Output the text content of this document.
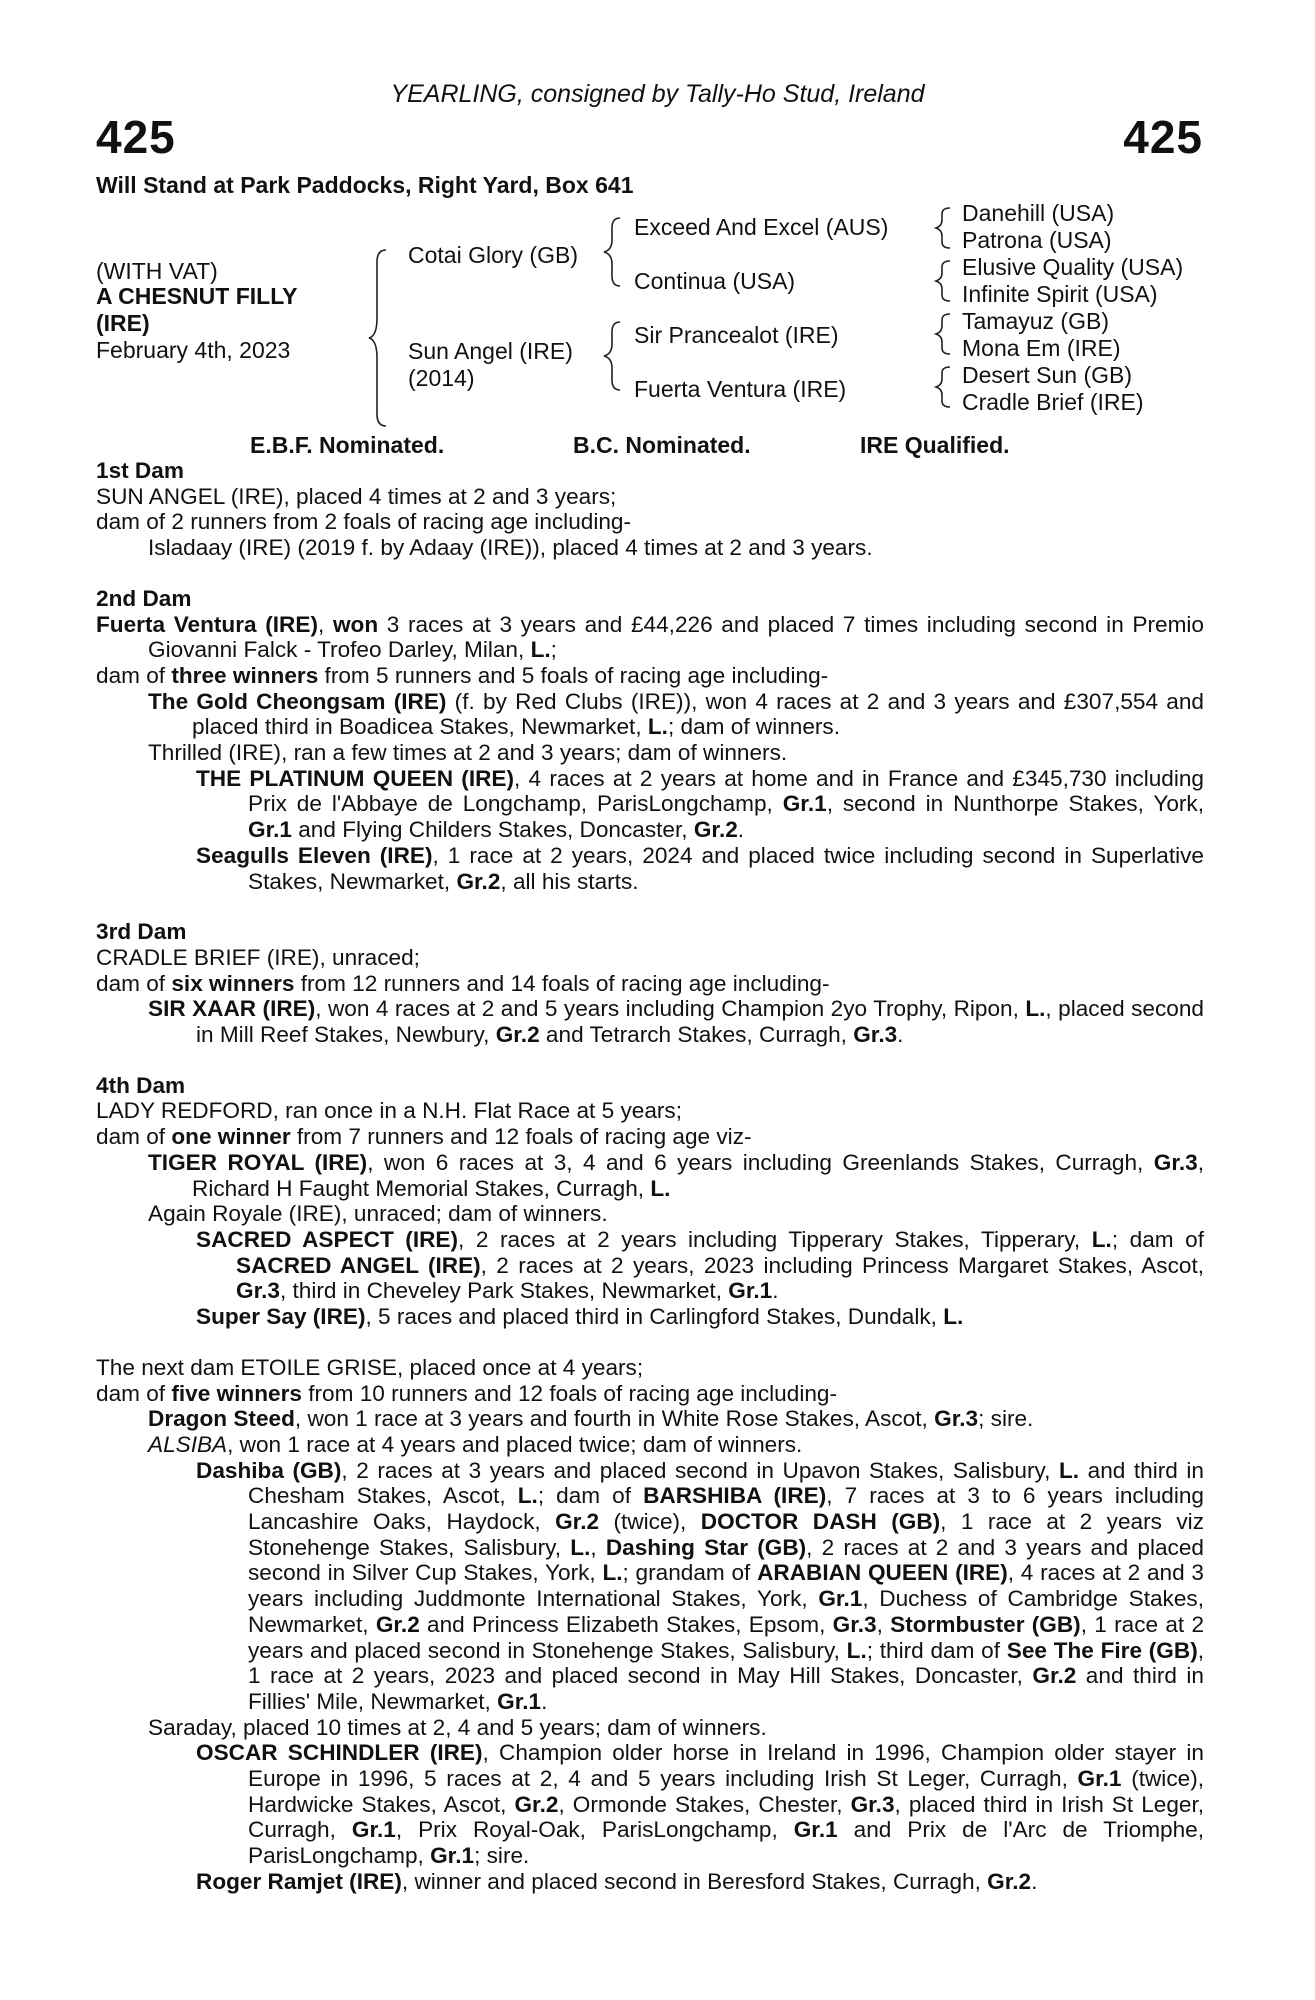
YEARLING, consigned by Tally-Ho Stud, Ireland
425	425
Will Stand at Park Paddocks, Right Yard, Box 641
(WITH VAT)
A CHESNUT FILLY
(IRE)
February 4th, 2023
Cotai Glory (GB)
Sun Angel (IRE)
(2014)
Exceed And Excel (AUS)
Continua (USA)
Sir Prancealot (IRE)
Fuerta Ventura (IRE)
Danehill (USA)
Patrona (USA)
Elusive Quality (USA)
Infinite Spirit (USA)
Tamayuz (GB)
Mona Em (IRE)
Desert Sun (GB)
Cradle Brief (IRE)
E.B.F. Nominated.	B.C. Nominated.	IRE Qualified.

1st Dam

SUN ANGEL (IRE), placed 4 times at 2 and 3 years;

dam of 2 runners from 2 foals of racing age including-

Isladaay (IRE) (2019 f. by Adaay (IRE)), placed 4 times at 2 and 3 years.

2nd Dam

Fuerta Ventura (IRE), won 3 races at 3 years and £44,226 and placed 7 times including second in Premio Giovanni Falck - Trofeo Darley, Milan, L.;

dam of three winners from 5 runners and 5 foals of racing age including-

The Gold Cheongsam (IRE) (f. by Red Clubs (IRE)), won 4 races at 2 and 3 years and £307,554 and placed third in Boadicea Stakes, Newmarket, L.; dam of winners.

Thrilled (IRE), ran a few times at 2 and 3 years; dam of winners.

THE PLATINUM QUEEN (IRE), 4 races at 2 years at home and in France and £345,730 including Prix de l'Abbaye de Longchamp, ParisLongchamp, Gr.1, second in Nunthorpe Stakes, York, Gr.1 and Flying Childers Stakes, Doncaster, Gr.2.

Seagulls Eleven (IRE), 1 race at 2 years, 2024 and placed twice including second in Superlative Stakes, Newmarket, Gr.2, all his starts.

3rd Dam

CRADLE BRIEF (IRE), unraced;

dam of six winners from 12 runners and 14 foals of racing age including-

SIR XAAR (IRE), won 4 races at 2 and 5 years including Champion 2yo Trophy, Ripon, L., placed second in Mill Reef Stakes, Newbury, Gr.2 and Tetrarch Stakes, Curragh, Gr.3.

4th Dam

LADY REDFORD, ran once in a N.H. Flat Race at 5 years;

dam of one winner from 7 runners and 12 foals of racing age viz-

TIGER ROYAL (IRE), won 6 races at 3, 4 and 6 years including Greenlands Stakes, Curragh, Gr.3, Richard H Faught Memorial Stakes, Curragh, L.

Again Royale (IRE), unraced; dam of winners.

SACRED ASPECT (IRE), 2 races at 2 years including Tipperary Stakes, Tipperary, L.; dam of SACRED ANGEL (IRE), 2 races at 2 years, 2023 including Princess Margaret Stakes, Ascot, Gr.3, third in Cheveley Park Stakes, Newmarket, Gr.1.

Super Say (IRE), 5 races and placed third in Carlingford Stakes, Dundalk, L.

The next dam ETOILE GRISE, placed once at 4 years;

dam of five winners from 10 runners and 12 foals of racing age including-

Dragon Steed, won 1 race at 3 years and fourth in White Rose Stakes, Ascot, Gr.3; sire.

ALSIBA, won 1 race at 4 years and placed twice; dam of winners.

Dashiba (GB), 2 races at 3 years and placed second in Upavon Stakes, Salisbury, L. and third in Chesham Stakes, Ascot, L.; dam of BARSHIBA (IRE), 7 races at 3 to 6 years including Lancashire Oaks, Haydock, Gr.2 (twice), DOCTOR DASH (GB), 1 race at 2 years viz Stonehenge Stakes, Salisbury, L., Dashing Star (GB), 2 races at 2 and 3 years and placed second in Silver Cup Stakes, York, L.; grandam of ARABIAN QUEEN (IRE), 4 races at 2 and 3 years including Juddmonte International Stakes, York, Gr.1, Duchess of Cambridge Stakes, Newmarket, Gr.2 and Princess Elizabeth Stakes, Epsom, Gr.3, Stormbuster (GB), 1 race at 2 years and placed second in Stonehenge Stakes, Salisbury, L.; third dam of See The Fire (GB), 1 race at 2 years, 2023 and placed second in May Hill Stakes, Doncaster, Gr.2 and third in Fillies' Mile, Newmarket, Gr.1.

Saraday, placed 10 times at 2, 4 and 5 years; dam of winners.

OSCAR SCHINDLER (IRE), Champion older horse in Ireland in 1996, Champion older stayer in Europe in 1996, 5 races at 2, 4 and 5 years including Irish St Leger, Curragh, Gr.1 (twice), Hardwicke Stakes, Ascot, Gr.2, Ormonde Stakes, Chester, Gr.3, placed third in Irish St Leger, Curragh, Gr.1, Prix Royal-Oak, ParisLongchamp, Gr.1 and Prix de l'Arc de Triomphe, ParisLongchamp, Gr.1; sire.

Roger Ramjet (IRE), winner and placed second in Beresford Stakes, Curragh, Gr.2.
